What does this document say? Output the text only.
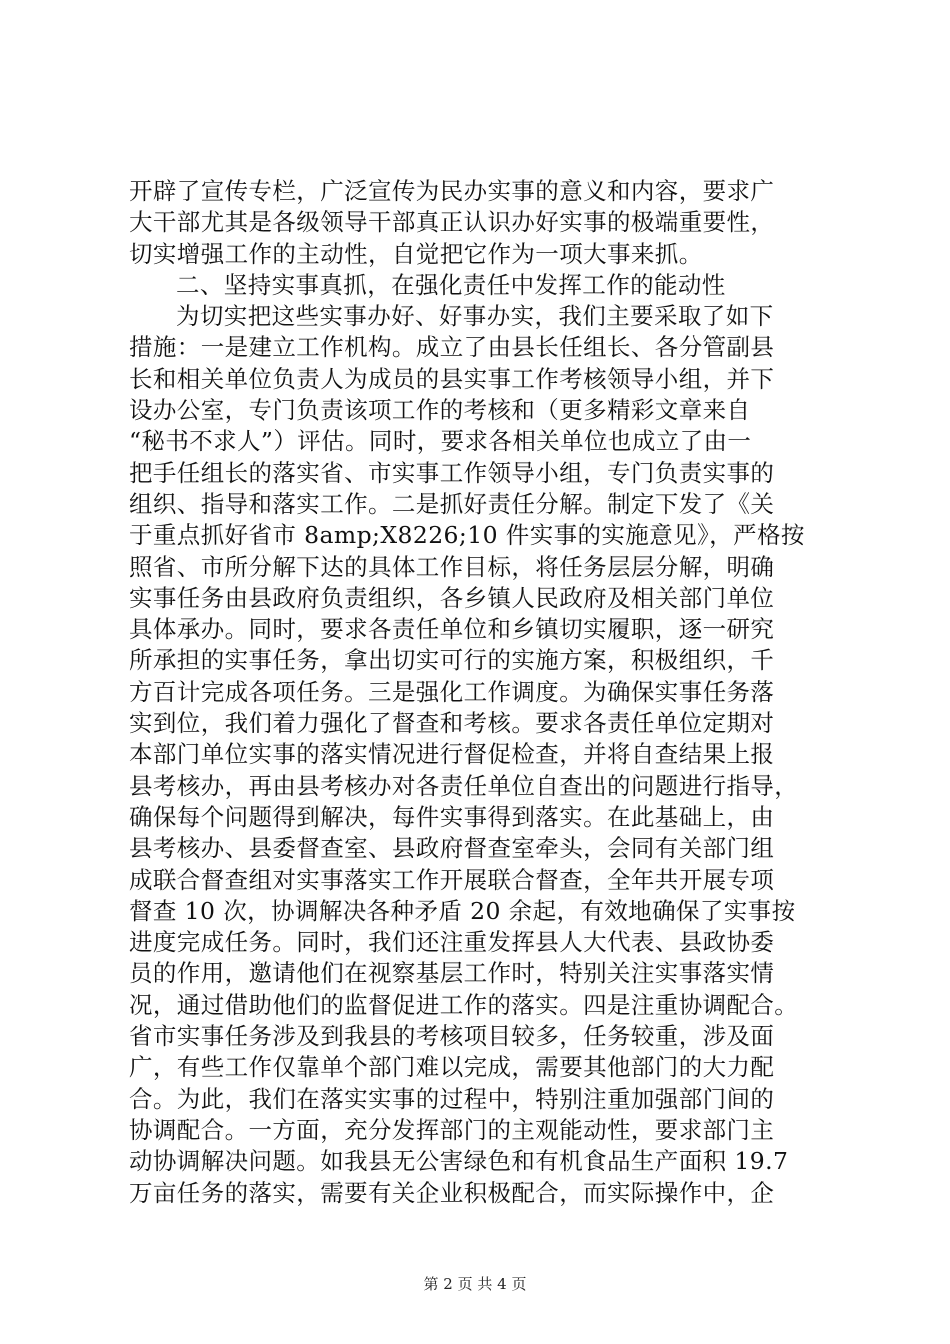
开辟了宣传专栏，广泛宣传为民办实事的意义和内容，要求广
大干部尤其是各级领导干部真正认识办好实事的极端重要性，
切实增强工作的主动性，自觉把它作为一项大事来抓。
二、坚持实事真抓，在强化责任中发挥工作的能动性
为切实把这些实事办好、好事办实，我们主要采取了如下
措施：一是建立工作机构。成立了由县长任组长、各分管副县
长和相关单位负责人为成员的县实事工作考核领导小组，并下
设办公室，专门负责该项工作的考核和（更多精彩文章来自
“秘书不求人”）评估。同时，要求各相关单位也成立了由一
把手任组长的落实省、市实事工作领导小组，专门负责实事的
组织、指导和落实工作。二是抓好责任分解。制定下发了《关
于重点抓好省市 8amp;X8226;10 件实事的实施意见》，严格按
照省、市所分解下达的具体工作目标，将任务层层分解，明确
实事任务由县政府负责组织，各乡镇人民政府及相关部门单位
具体承办。同时，要求各责任单位和乡镇切实履职，逐一研究
所承担的实事任务，拿出切实可行的实施方案，积极组织，千
方百计完成各项任务。三是强化工作调度。为确保实事任务落
实到位，我们着力强化了督查和考核。要求各责任单位定期对
本部门单位实事的落实情况进行督促检查，并将自查结果上报
县考核办，再由县考核办对各责任单位自查出的问题进行指导，
确保每个问题得到解决，每件实事得到落实。在此基础上，由
县考核办、县委督查室、县政府督查室牵头，会同有关部门组
成联合督查组对实事落实工作开展联合督查，全年共开展专项
督查 10 次，协调解决各种矛盾 20 余起，有效地确保了实事按
进度完成任务。同时，我们还注重发挥县人大代表、县政协委
员的作用，邀请他们在视察基层工作时，特别关注实事落实情
况，通过借助他们的监督促进工作的落实。四是注重协调配合。
省市实事任务涉及到我县的考核项目较多，任务较重，涉及面
广，有些工作仅靠单个部门难以完成，需要其他部门的大力配
合。为此，我们在落实实事的过程中，特别注重加强部门间的
协调配合。一方面，充分发挥部门的主观能动性，要求部门主
动协调解决问题。如我县无公害绿色和有机食品生产面积 19.7
万亩任务的落实，需要有关企业积极配合，而实际操作中，企
第 2 页 共 4 页
